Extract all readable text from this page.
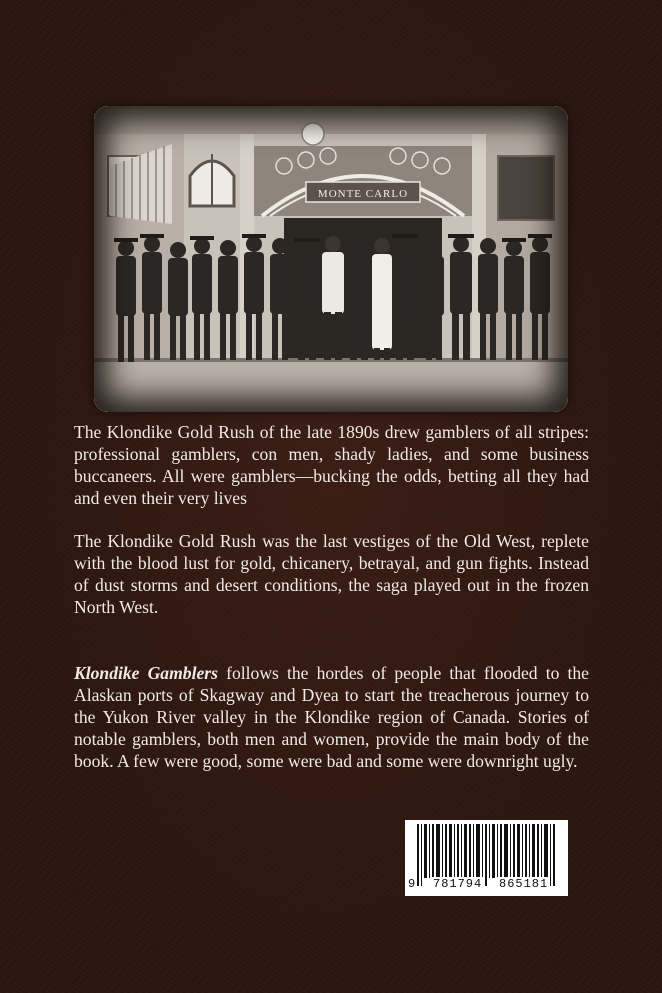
MONTE CARLO

The Klondike Gold Rush of the late 1890s drew gamblers of all stripes: professional gamblers, con men, shady ladies, and some business buccaneers. All were gamblers—bucking the odds, betting all they had and even their very lives

The Klondike Gold Rush was the last vestiges of the Old West, replete with the blood lust for gold, chicanery, betrayal, and gun fights. Instead of dust storms and desert conditions, the saga played out in the frozen North West.

Klondike Gamblers follows the hordes of people that flooded to the Alaskan ports of Skagway and Dyea to start the treacherous journey to the Yukon River valley in the Klondike region of Canada. Stories of notable gamblers, both men and women, provide the main body of the book. A few were good, some were bad and some were downright ugly.

9 781794 865181
